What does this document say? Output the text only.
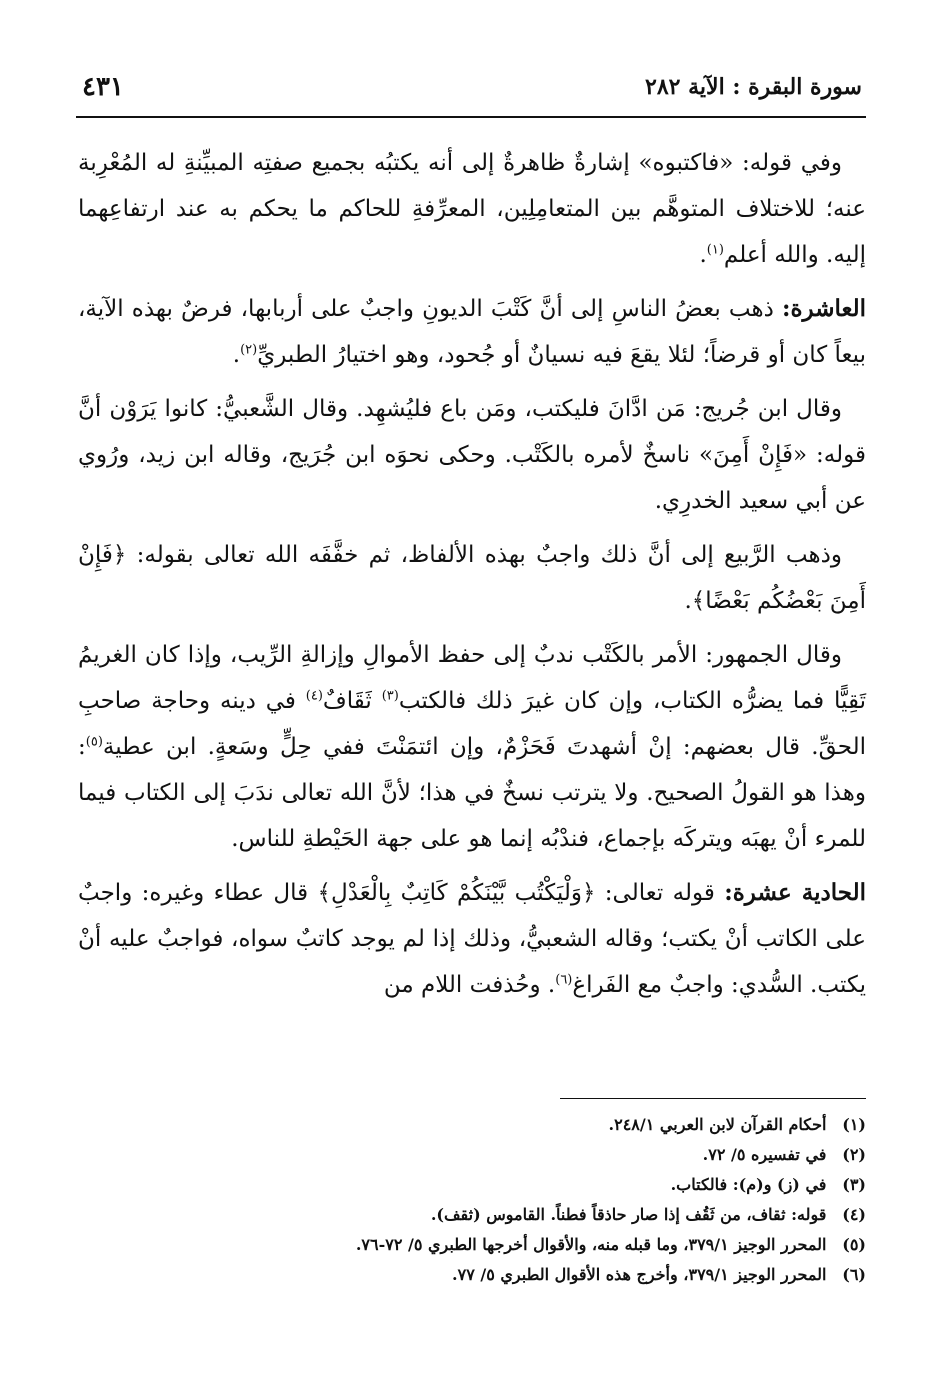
سورة البقرة : الآية ٢٨٢
٤٣١

وفي قوله: «فاكتبوه» إشارةٌ ظاهرةٌ إلى أنه يكتبُه بجميع صفتِه المبيِّنةِ له المُعْرِبة عنه؛ للاختلاف المتوهَّم بين المتعامِلِين، المعرِّفةِ للحاكم ما يحكم به عند ارتفاعِهما إليه. والله أعلم$^{(١)}$.

العاشرة: ذهب بعضُ الناسِ إلى أنَّ كَتْبَ الديونِ واجبٌ على أربابها، فرضٌ بهذه الآية، بيعاً كان أو قرضاً؛ لئلا يقعَ فيه نسيانٌ أو جُحود، وهو اختيارُ الطبريِّ$^{(٢)}$.

وقال ابن جُريج: مَن ادَّانَ فليكتب، ومَن باع فليُشهِد. وقال الشَّعبيُّ: كانوا يَرَوْن أنَّ قوله: «فَإِنْ أَمِنَ» ناسخٌ لأمره بالكَتْب. وحكى نحوَه ابن جُرَيج، وقاله ابن زيد، ورُوي عن أبي سعيد الخدرِي.

وذهب الرَّبيع إلى أنَّ ذلك واجبٌ بهذه الألفاظ، ثم خفَّفَه الله تعالى بقوله: ﴿فَإِنْ أَمِنَ بَعْضُكُم بَعْضًا﴾.

وقال الجمهور: الأمر بالكَتْب ندبٌ إلى حفظ الأموالِ وإزالةِ الرِّيب، وإذا كان الغريمُ تَقِيًّا فما يضرُّه الكتاب، وإن كان غيرَ ذلك فالكتب$^{(٣)}$ ثَقَافٌ$^{(٤)}$ في دينه وحاجة صاحبِ الحقِّ. قال بعضهم: إنْ أشهدتَ فَحَزْمٌ، وإن ائتمَنْتَ ففي حِلٍّ وسَعةٍ. ابن عطية$^{(٥)}$: وهذا هو القولُ الصحيح. ولا يترتب نسخٌ في هذا؛ لأنَّ الله تعالى ندَبَ إلى الكتاب فيما للمرء أنْ يهبَه ويتركَه بإجماع، فندْبُه إنما هو على جهة الحَيْطةِ للناس.

الحادية عشرة: قوله تعالى: ﴿وَلْيَكْتُب بَّيْنَكُمْ كَاتِبٌ بِالْعَدْلِ﴾ قال عطاء وغيره: واجبٌ على الكاتب أنْ يكتب؛ وقاله الشعبيُّ، وذلك إذا لم يوجد كاتبٌ سواه، فواجبٌ عليه أنْ يكتب. السُّدي: واجبٌ مع الفَراغ$^{(٦)}$. وحُذفت اللام من

(١) أحكام القرآن لابن العربي ٢٤٨/١.
(٢) في تفسيره ٥/ ٧٢.
(٣) في (ز) و(م): فالكتاب.
(٤) قوله: ثقاف، من ثَقُف إذا صار حاذقاً فطناً. القاموس (ثقف).
(٥) المحرر الوجيز ٣٧٩/١، وما قبله منه، والأقوال أخرجها الطبري ٥/ ٧٢-٧٦.
(٦) المحرر الوجيز ٣٧٩/١، وأخرج هذه الأقوال الطبري ٥/ ٧٧.
